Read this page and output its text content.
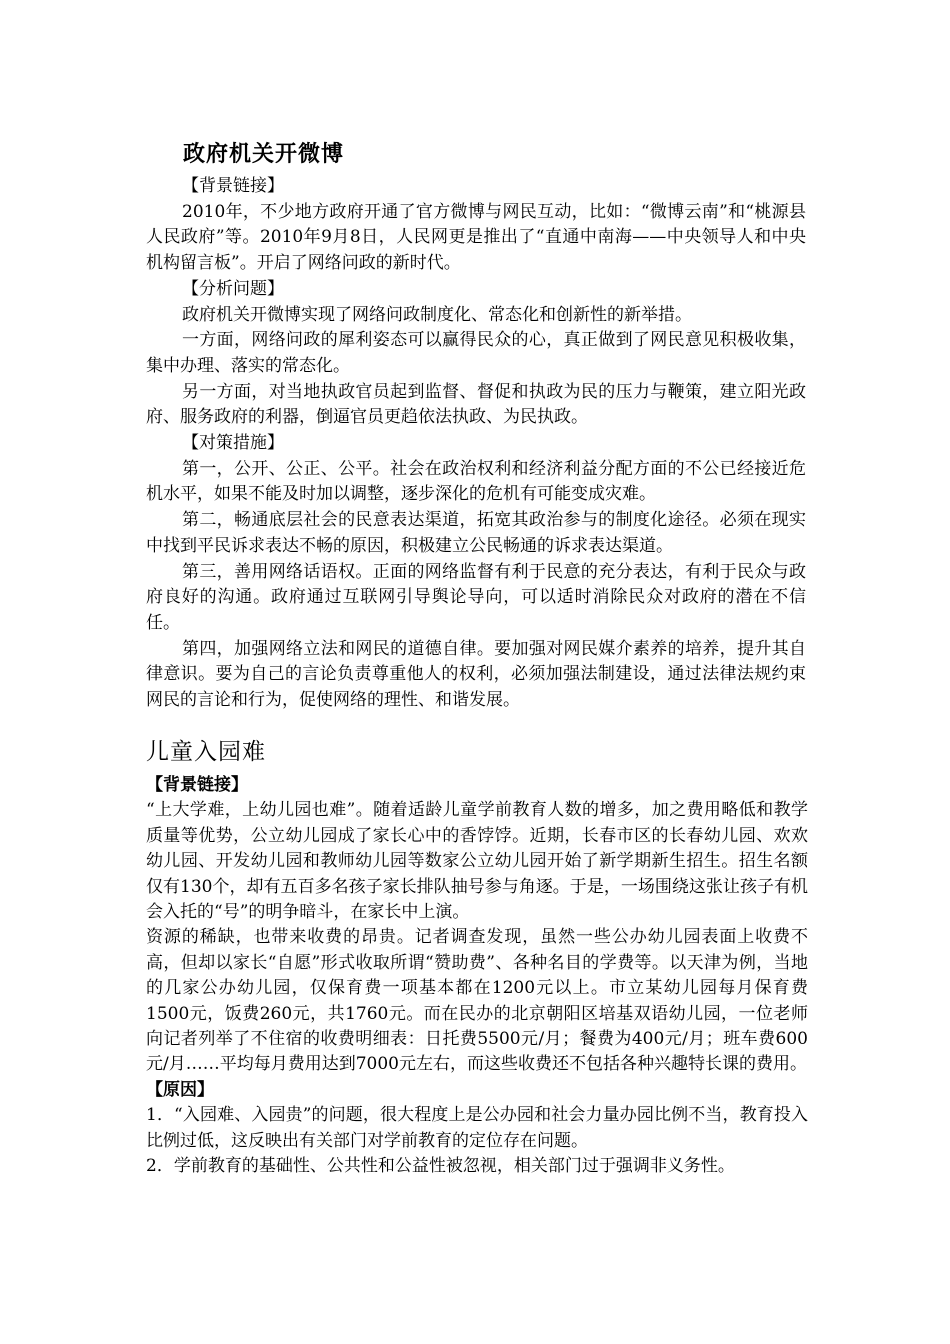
政府机关开微博

【背景链接】

2010年，不少地方政府开通了官方微博与网民互动，比如：“微博云南”和“桃源县人民政府”等。2010年9月8日，人民网更是推出了“直通中南海——中央领导人和中央机构留言板”。开启了网络问政的新时代。

【分析问题】

政府机关开微博实现了网络问政制度化、常态化和创新性的新举措。

一方面，网络问政的犀利姿态可以赢得民众的心，真正做到了网民意见积极收集，集中办理、落实的常态化。

另一方面，对当地执政官员起到监督、督促和执政为民的压力与鞭策，建立阳光政府、服务政府的利器，倒逼官员更趋依法执政、为民执政。

【对策措施】

第一，公开、公正、公平。社会在政治权利和经济利益分配方面的不公已经接近危机水平，如果不能及时加以调整，逐步深化的危机有可能变成灾难。

第二，畅通底层社会的民意表达渠道，拓宽其政治参与的制度化途径。必须在现实中找到平民诉求表达不畅的原因，积极建立公民畅通的诉求表达渠道。

第三，善用网络话语权。正面的网络监督有利于民意的充分表达，有利于民众与政府良好的沟通。政府通过互联网引导舆论导向，可以适时消除民众对政府的潜在不信任。

第四，加强网络立法和网民的道德自律。要加强对网民媒介素养的培养，提升其自律意识。要为自己的言论负责尊重他人的权利，必须加强法制建设，通过法律法规约束网民的言论和行为，促使网络的理性、和谐发展。

儿童入园难

【背景链接】

“上大学难，上幼儿园也难”。随着适龄儿童学前教育人数的增多，加之费用略低和教学质量等优势，公立幼儿园成了家长心中的香饽饽。近期，长春市区的长春幼儿园、欢欢幼儿园、开发幼儿园和教师幼儿园等数家公立幼儿园开始了新学期新生招生。招生名额仅有130个，却有五百多名孩子家长排队抽号参与角逐。于是，一场围绕这张让孩子有机会入托的“号”的明争暗斗，在家长中上演。

资源的稀缺，也带来收费的昂贵。记者调查发现，虽然一些公办幼儿园表面上收费不高，但却以家长“自愿”形式收取所谓“赞助费”、各种名目的学费等。以天津为例，当地的几家公办幼儿园，仅保育费一项基本都在1200元以上。市立某幼儿园每月保育费1500元，饭费260元，共1760元。而在民办的北京朝阳区培基双语幼儿园，一位老师向记者列举了不住宿的收费明细表：日托费5500元/月；餐费为400元/月；班车费600元/月……平均每月费用达到7000元左右，而这些收费还不包括各种兴趣特长课的费用。

【原因】

1．“入园难、入园贵”的问题，很大程度上是公办园和社会力量办园比例不当，教育投入比例过低，这反映出有关部门对学前教育的定位存在问题。

2．学前教育的基础性、公共性和公益性被忽视，相关部门过于强调非义务性。
